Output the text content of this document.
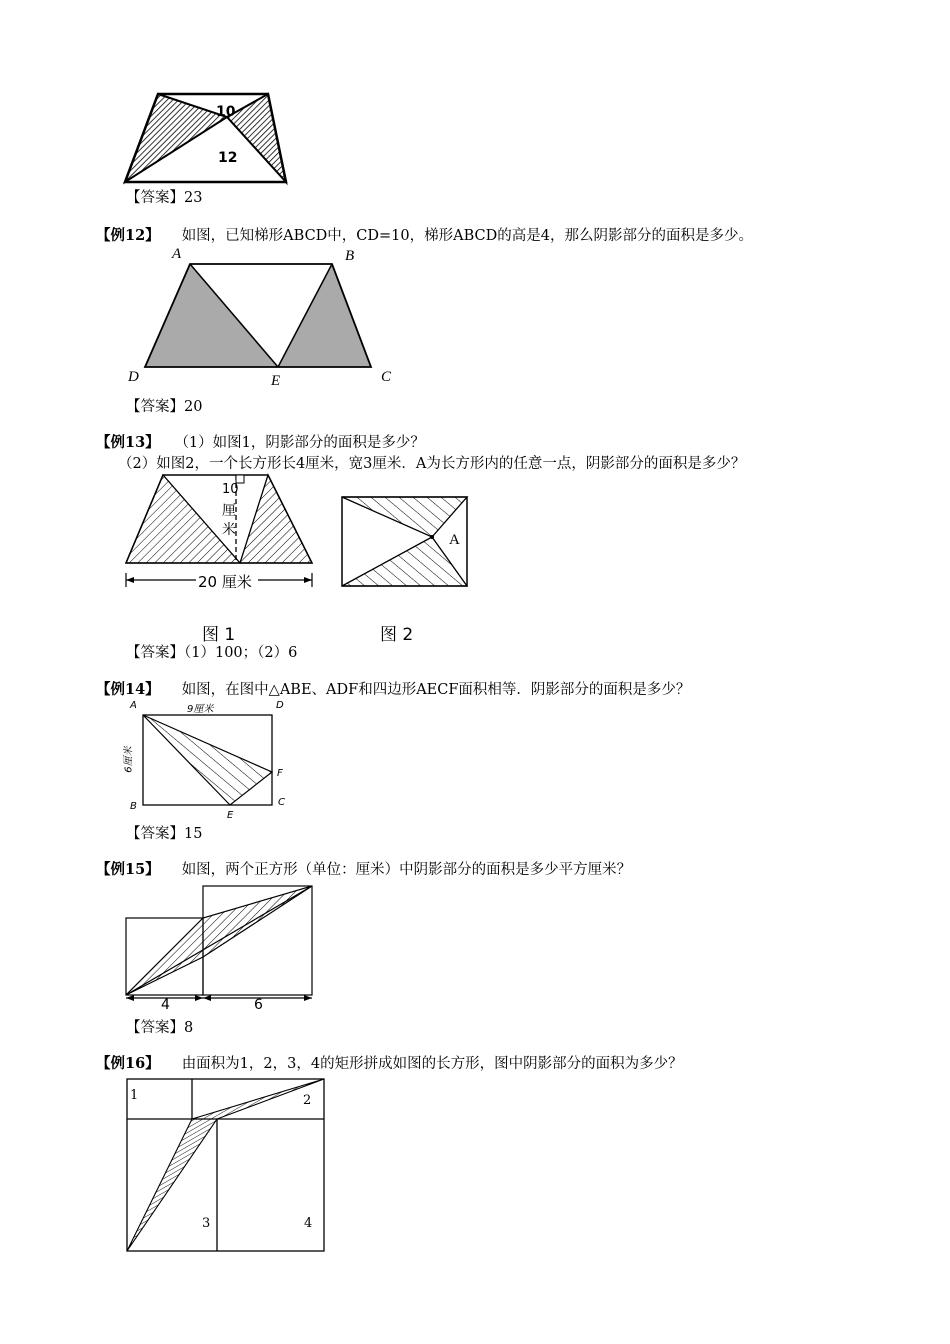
10
12
【答案】23
【例12】 如图，已知梯形ABCD中，CD=10，梯形ABCD的高是4，那么阴影部分的面积是多少。
A	B
C
D	E
【答案】20
【例13】 （1）如图1，阴影部分的面积是多少？
（2）如图2，一个长方形长4厘米，宽3厘米．A为长方形内的任意一点，阴影部分的面积是多少？
10
厘
米
20 厘米
A
图 1	图 2
【答案】（1）100；（2）6
【例14】 如图，在图中△ABE、ADF和四边形AECF面积相等．阴影部分的面积是多少？
A	D
B
E
C
F
9厘米
6厘米
【答案】15
【例15】 如图，两个正方形（单位：厘米）中阴影部分的面积是多少平方厘米？
4	6
【答案】8
【例16】 由面积为1，2，3，4的矩形拼成如图的长方形，图中阴影部分的面积为多少？
1	2
3	4
